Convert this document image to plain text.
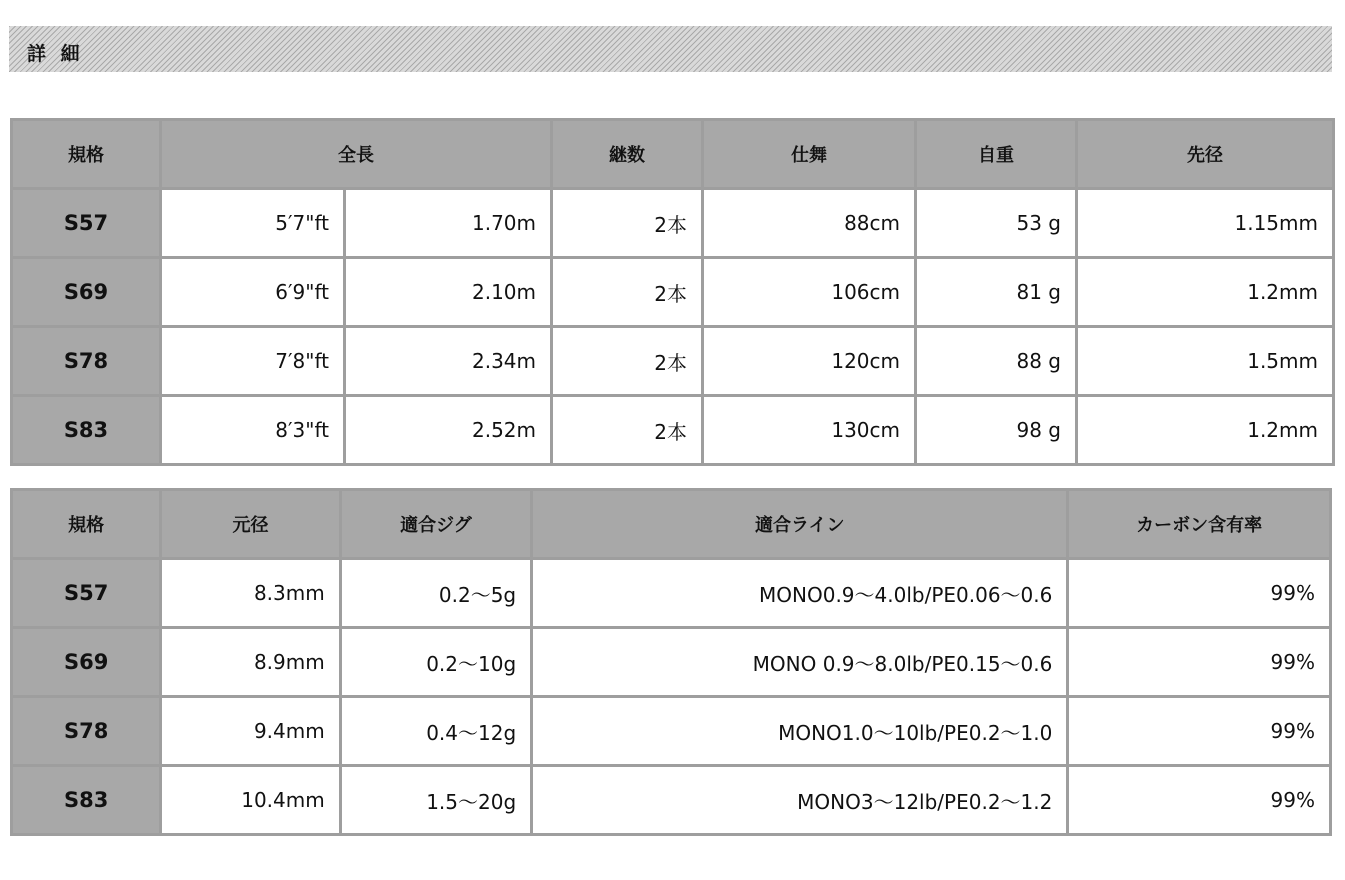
詳 細
規格	全長		継数	仕舞	自重	先径
S57	5′7"ft	1.70m	2本	88cm	53 g	1.15mm
S69	6′9"ft	2.10m	2本	106cm	81 g	1.2mm
S78	7′8"ft	2.34m	2本	120cm	88 g	1.5mm
S83	8′3"ft	2.52m	2本	130cm	98 g	1.2mm
規格	元径	適合ジグ	適合ライン	カーボン含有率
S57	8.3mm	0.2～5g	MONO0.9～4.0lb/PE0.06～0.6	99%
S69	8.9mm	0.2～10g	MONO 0.9～8.0lb/PE0.15～0.6	99%
S78	9.4mm	0.4～12g	MONO1.0～10lb/PE0.2～1.0	99%
S83	10.4mm	1.5～20g	MONO3～12lb/PE0.2～1.2	99%
